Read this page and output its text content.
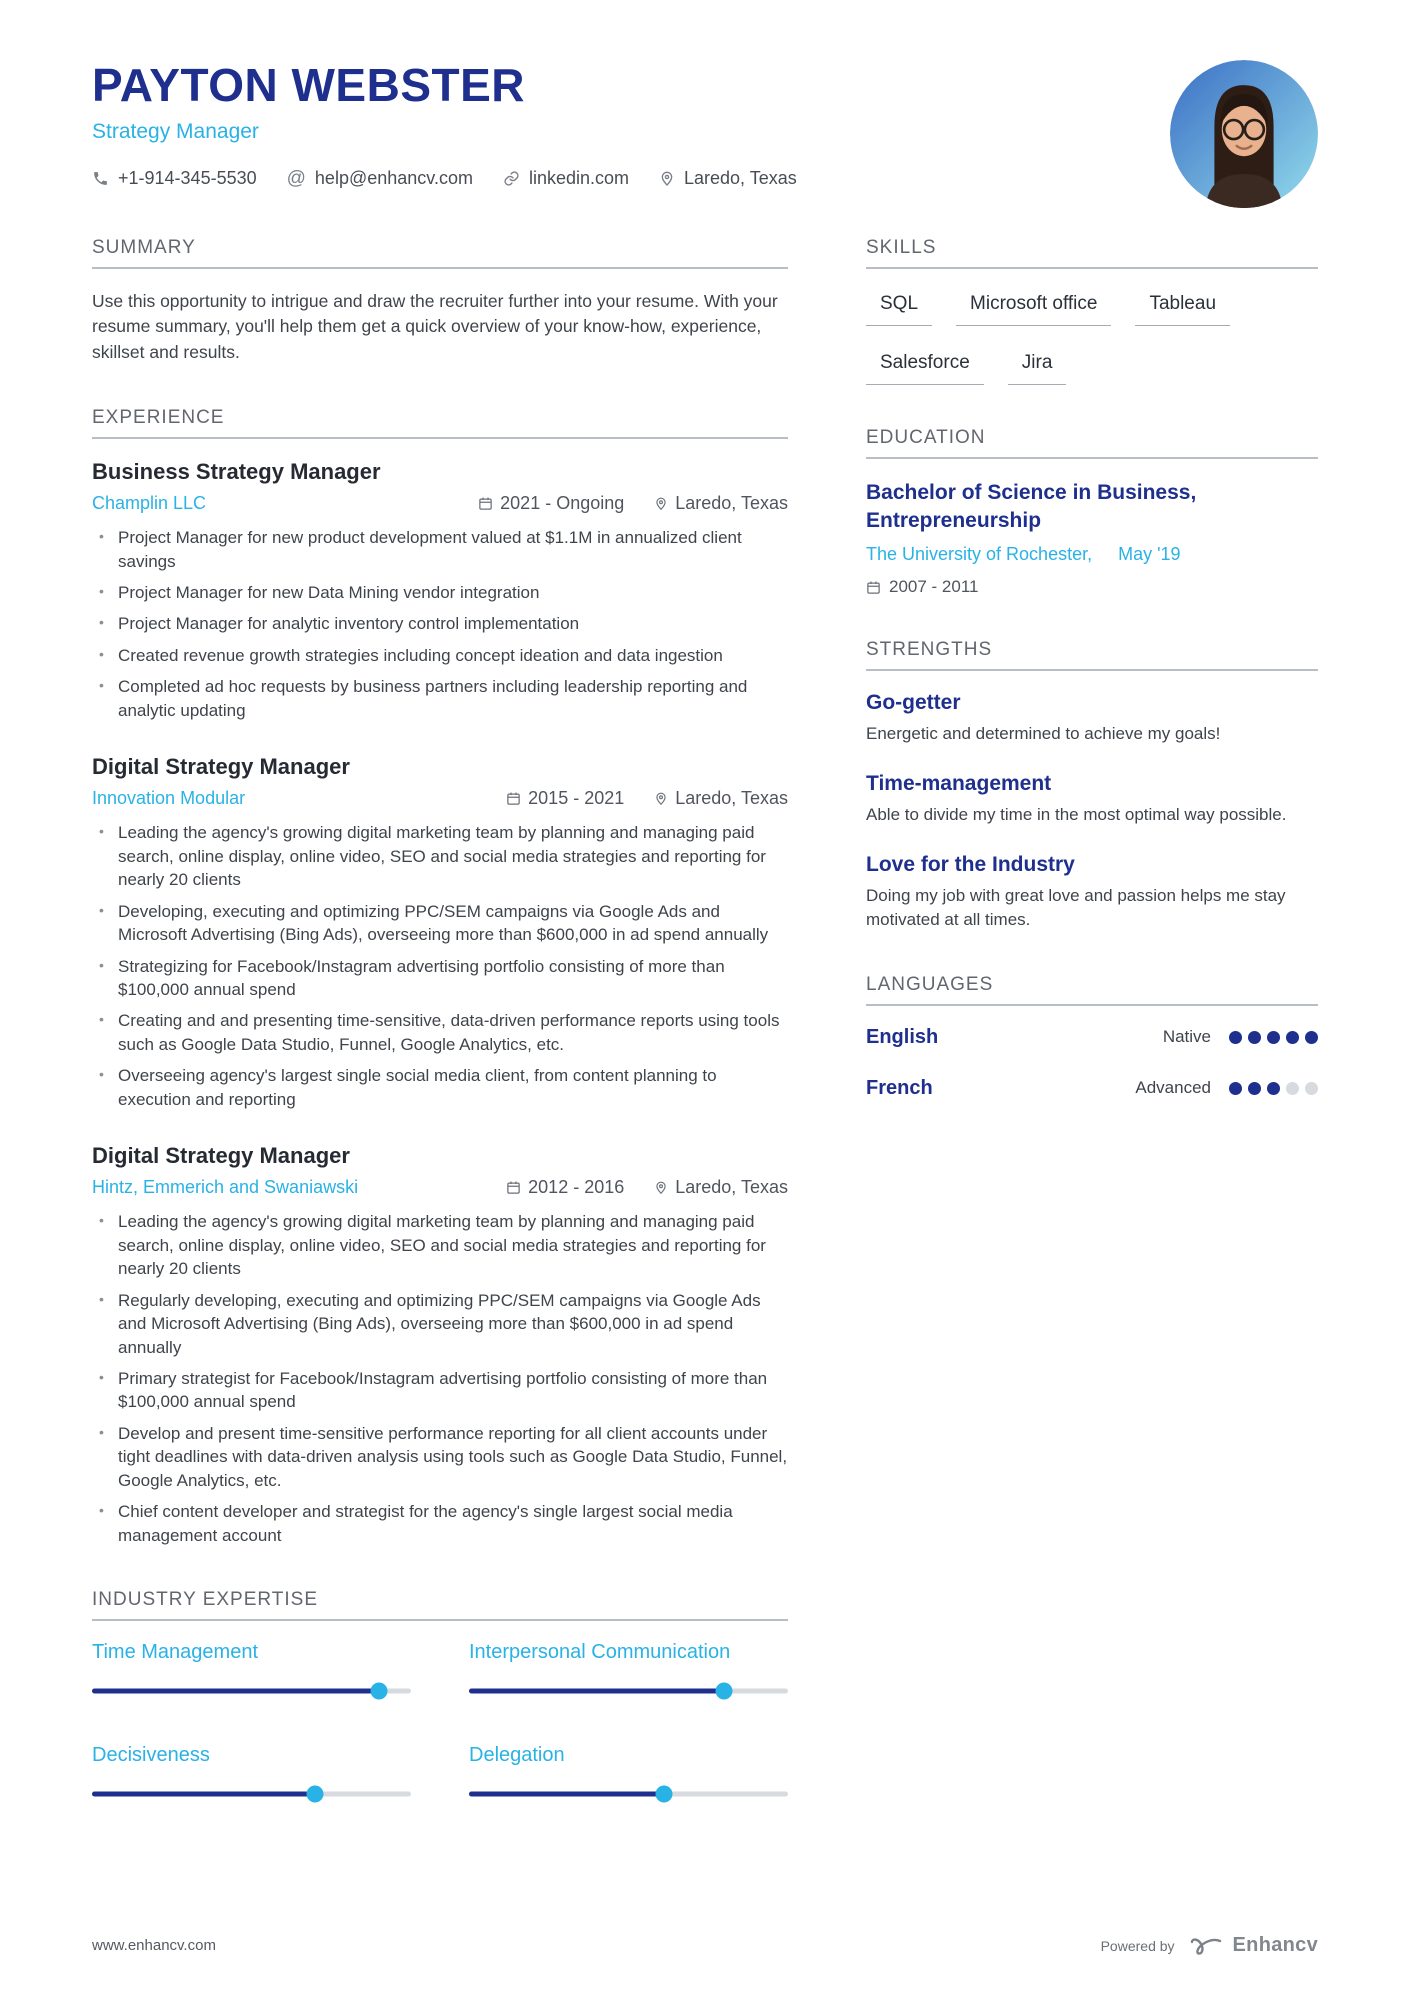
PAYTON WEBSTER
Strategy Manager
+1-914-345-5530 @ help@enhancv.com	linkedin.com	Laredo, Texas
SUMMARY

Use this opportunity to intrigue and draw the recruiter further into your resume. With your resume summary, you'll help them get a quick overview of your know-how, experience, skillset and results.

EXPERIENCE
Business Strategy Manager
Champlin LLC	2021 - Ongoing	Laredo, Texas
• Project Manager for new product development valued at $1.1M in annualized client savings
• Project Manager for new Data Mining vendor integration
• Project Manager for analytic inventory control implementation
• Created revenue growth strategies including concept ideation and data ingestion
• Completed ad hoc requests by business partners including leadership reporting and analytic updating
Digital Strategy Manager
Innovation Modular	2015 - 2021	Laredo, Texas
• Leading the agency's growing digital marketing team by planning and managing paid search, online display, online video, SEO and social media strategies and reporting for nearly 20 clients
• Developing, executing and optimizing PPC/SEM campaigns via Google Ads and Microsoft Advertising (Bing Ads), overseeing more than $600,000 in ad spend annually
• Strategizing for Facebook/Instagram advertising portfolio consisting of more than $100,000 annual spend
• Creating and and presenting time-sensitive, data-driven performance reports using tools such as Google Data Studio, Funnel, Google Analytics, etc.
• Overseeing agency's largest single social media client, from content planning to execution and reporting
Digital Strategy Manager
Hintz, Emmerich and Swaniawski	2012 - 2016	Laredo, Texas
• Leading the agency's growing digital marketing team by planning and managing paid search, online display, online video, SEO and social media strategies and reporting for nearly 20 clients
• Regularly developing, executing and optimizing PPC/SEM campaigns via Google Ads and Microsoft Advertising (Bing Ads), overseeing more than $600,000 in ad spend annually
• Primary strategist for Facebook/Instagram advertising portfolio consisting of more than $100,000 annual spend
• Develop and present time-sensitive performance reporting for all client accounts under tight deadlines with data-driven analysis using tools such as Google Data Studio, Funnel, Google Analytics, etc.
• Chief content developer and strategist for the agency's single largest social media management account
INDUSTRY EXPERTISE
Time Management	Interpersonal Communication
Decisiveness	Delegation
SKILLS
SQL	Microsoft office	Tableau
Salesforce	Jira
EDUCATION

Bachelor of Science in Business, Entrepreneurship

The University of Rochester, May '19
2007 - 2011
STRENGTHS
Go-getter

Energetic and determined to achieve my goals!

Time-management

Able to divide my time in the most optimal way possible.

Love for the Industry

Doing my job with great love and passion helps me stay motivated at all times.

LANGUAGES
English	Native
French	Advanced
www.enhancv.com	Powered by	Enhancv
